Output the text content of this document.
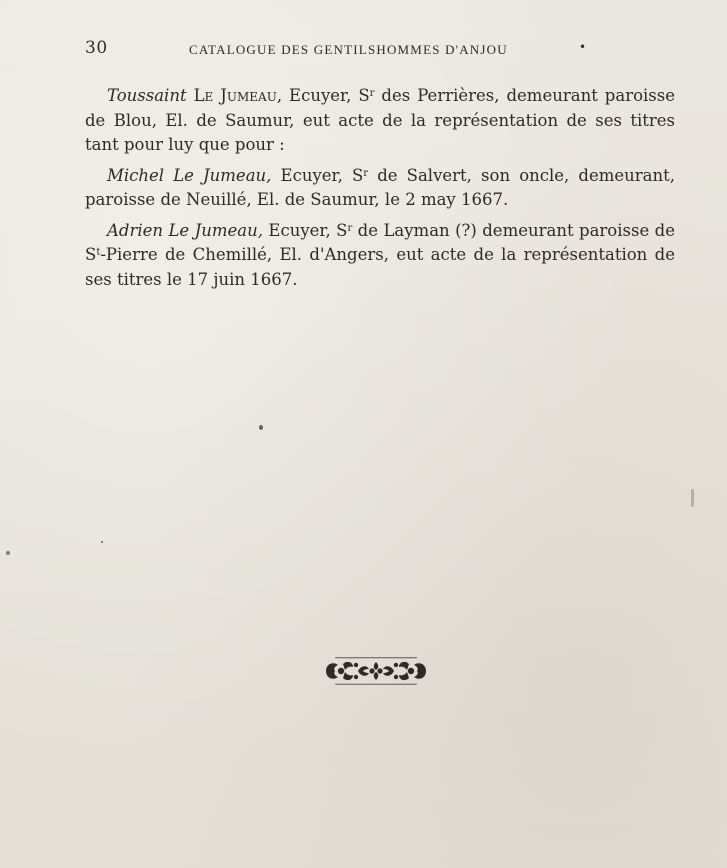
30	CATALOGUE DES GENTILSHOMMES D'ANJOU	•

Toussaint Le Jumeau, Ecuyer, $S^r$ des Perrières, demeurant paroisse de Blou, El. de Saumur, eut acte de la représentation de ses titres tant pour luy que pour :

Michel Le Jumeau, Ecuyer, $S^r$ de Salvert, son oncle, demeurant, paroisse de Neuillé, El. de Saumur, le 2 may 1667.

Adrien Le Jumeau, Ecuyer, $S^r$ de Layman (?) demeurant paroisse de $S^t$-Pierre de Chemillé, El. d'Angers, eut acte de la représentation de ses titres le 17 juin 1667.
